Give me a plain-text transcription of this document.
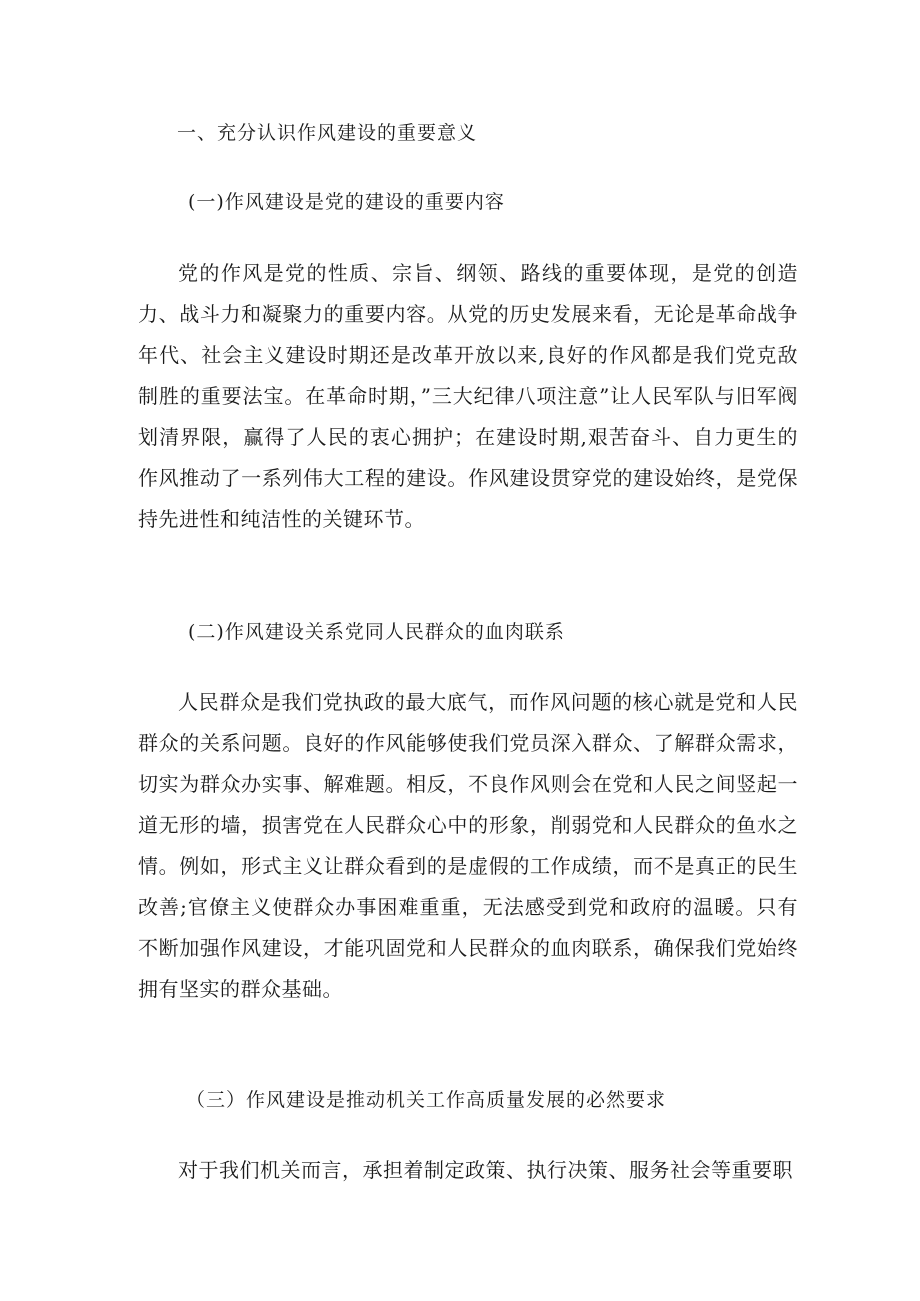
一、充分认识作风建设的重要意义
(一)作风建设是党的建设的重要内容
党的作风是党的性质、宗旨、纲领、路线的重要体现，是党的创造力、战斗力和凝聚力的重要内容。从党的历史发展来看，无论是革命战争年代、社会主义建设时期还是改革开放以来,良好的作风都是我们党克敌制胜的重要法宝。在革命时期，”三大纪律八项注意”让人民军队与旧军阀划清界限，赢得了人民的衷心拥护；在建设时期,艰苦奋斗、自力更生的作风推动了一系列伟大工程的建设。作风建设贯穿党的建设始终，是党保持先进性和纯洁性的关键环节。
(二)作风建设关系党同人民群众的血肉联系
人民群众是我们党执政的最大底气，而作风问题的核心就是党和人民群众的关系问题。良好的作风能够使我们党员深入群众、了解群众需求，切实为群众办实事、解难题。相反，不良作风则会在党和人民之间竖起一道无形的墙，损害党在人民群众心中的形象，削弱党和人民群众的鱼水之情。例如，形式主义让群众看到的是虚假的工作成绩，而不是真正的民生改善;官僚主义使群众办事困难重重，无法感受到党和政府的温暖。只有不断加强作风建设，才能巩固党和人民群众的血肉联系，确保我们党始终拥有坚实的群众基础。
（三）作风建设是推动机关工作高质量发展的必然要求
对于我们机关而言，承担着制定政策、执行决策、服务社会等重要职
